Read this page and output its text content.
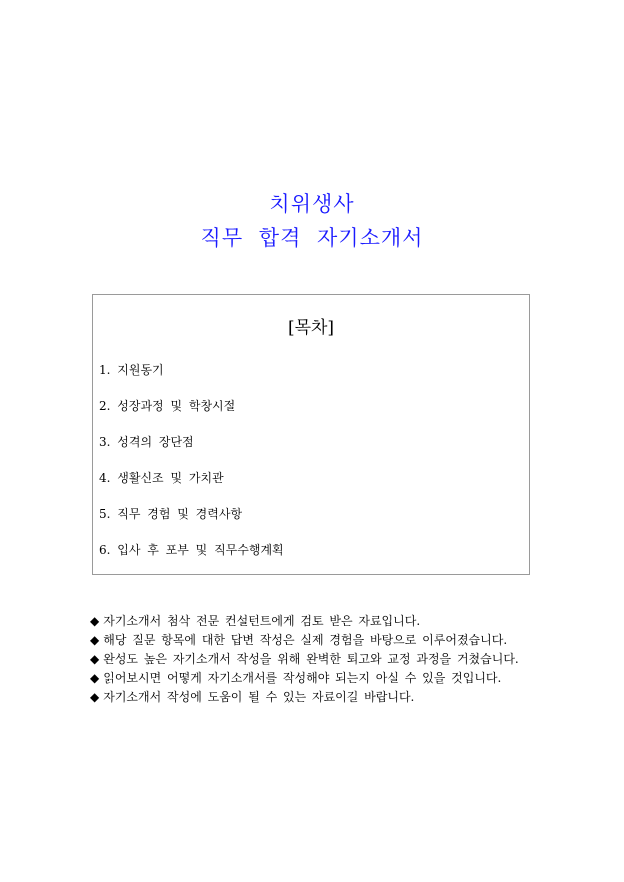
치위생사
직무 합격 자기소개서
[목차]
1. 지원동기
2. 성장과정 및 학창시절
3. 성격의 장단점
4. 생활신조 및 가치관
5. 직무 경험 및 경력사항
6. 입사 후 포부 및 직무수행계획
◆ 자기소개서 첨삭 전문 컨설턴트에게 검토 받은 자료입니다.
◆ 해당 질문 항목에 대한 답변 작성은 실제 경험을 바탕으로 이루어졌습니다.
◆ 완성도 높은 자기소개서 작성을 위해 완벽한 퇴고와 교정 과정을 거쳤습니다.
◆ 읽어보시면 어떻게 자기소개서를 작성해야 되는지 아실 수 있을 것입니다.
◆ 자기소개서 작성에 도움이 될 수 있는 자료이길 바랍니다.
